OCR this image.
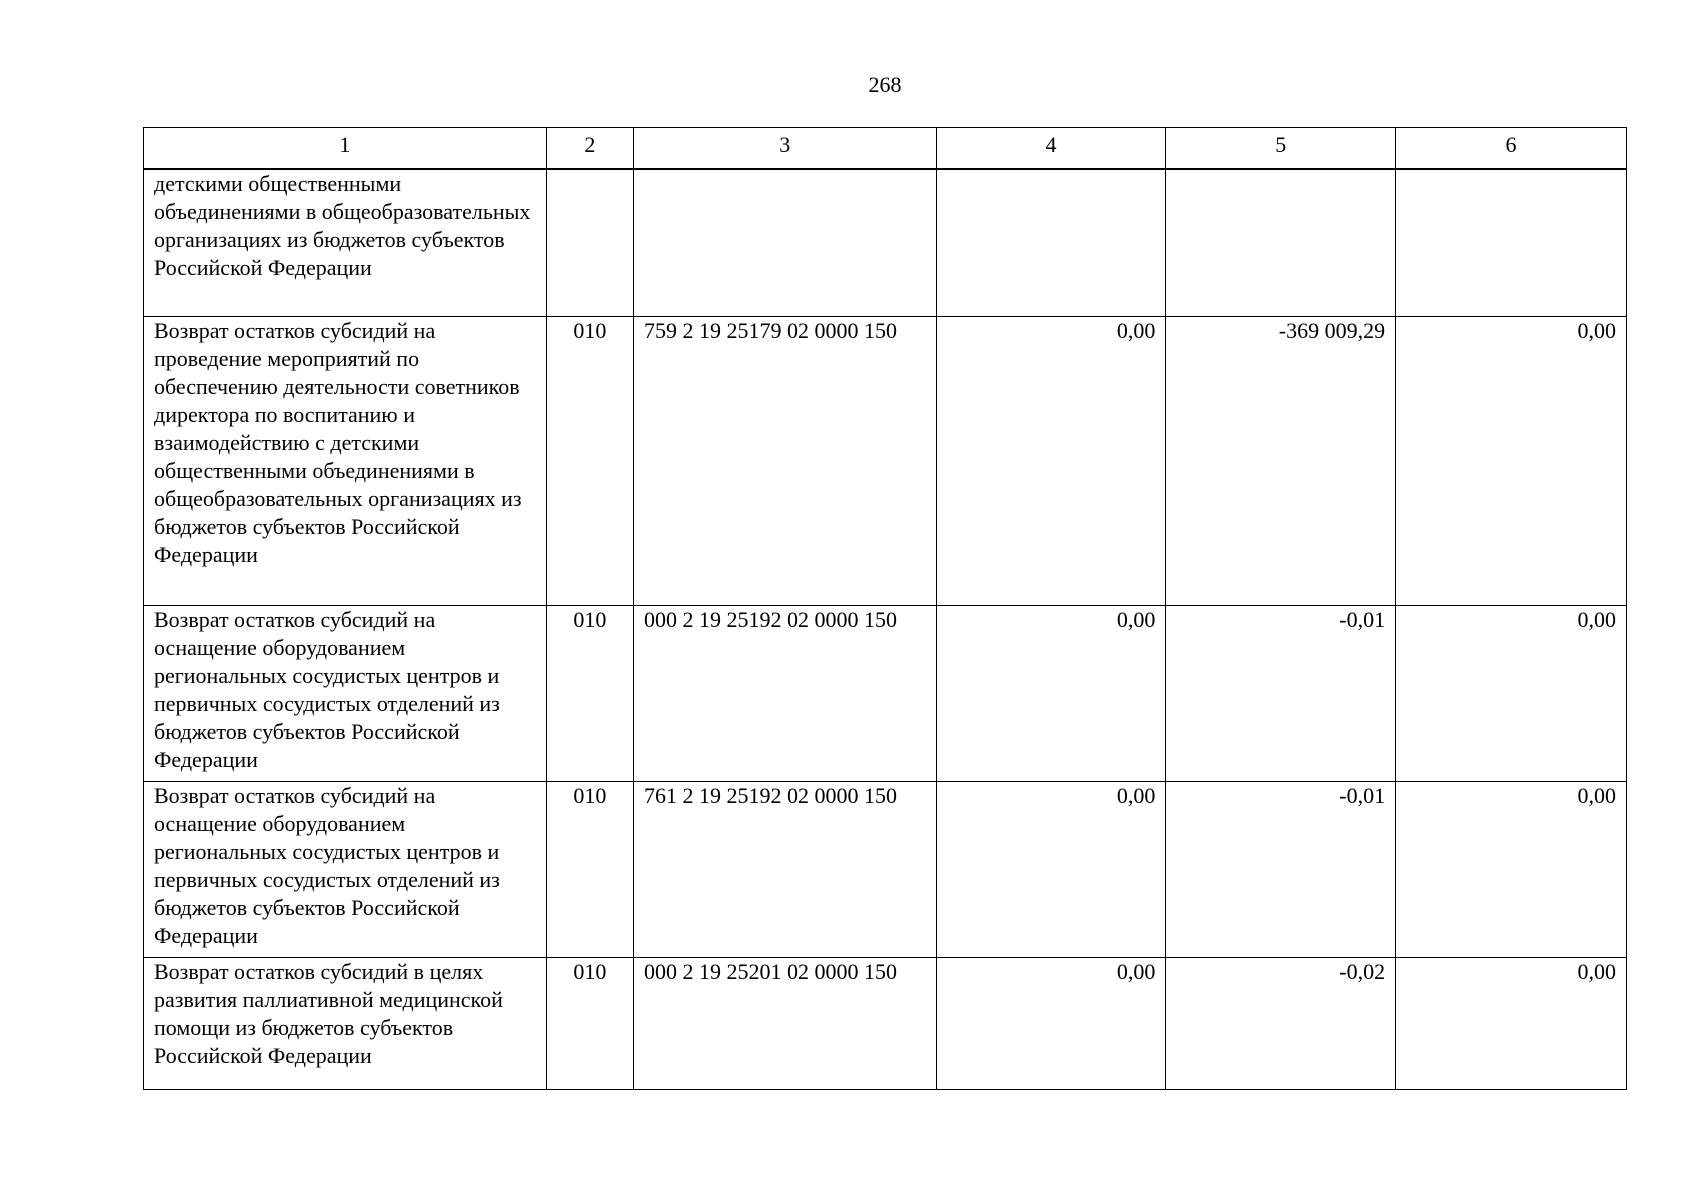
268
1	2	3	4	5	6
детскими общественными объединениями в общеобразовательных организациях из бюджетов субъектов Российской Федерации					
Возврат остатков субсидий на проведение мероприятий по обеспечению деятельности советников директора по воспитанию и взаимодействию с детскими общественными объединениями в общеобразовательных организациях из бюджетов субъектов Российской Федерации	010	759 2 19 25179 02 0000 150	0,00	-369 009,29	0,00
Возврат остатков субсидий на оснащение оборудованием региональных сосудистых центров и первичных сосудистых отделений из бюджетов субъектов Российской Федерации	010	000 2 19 25192 02 0000 150	0,00	-0,01	0,00
Возврат остатков субсидий на оснащение оборудованием региональных сосудистых центров и первичных сосудистых отделений из бюджетов субъектов Российской Федерации	010	761 2 19 25192 02 0000 150	0,00	-0,01	0,00
Возврат остатков субсидий в целях развития паллиативной медицинской помощи из бюджетов субъектов Российской Федерации	010	000 2 19 25201 02 0000 150	0,00	-0,02	0,00
